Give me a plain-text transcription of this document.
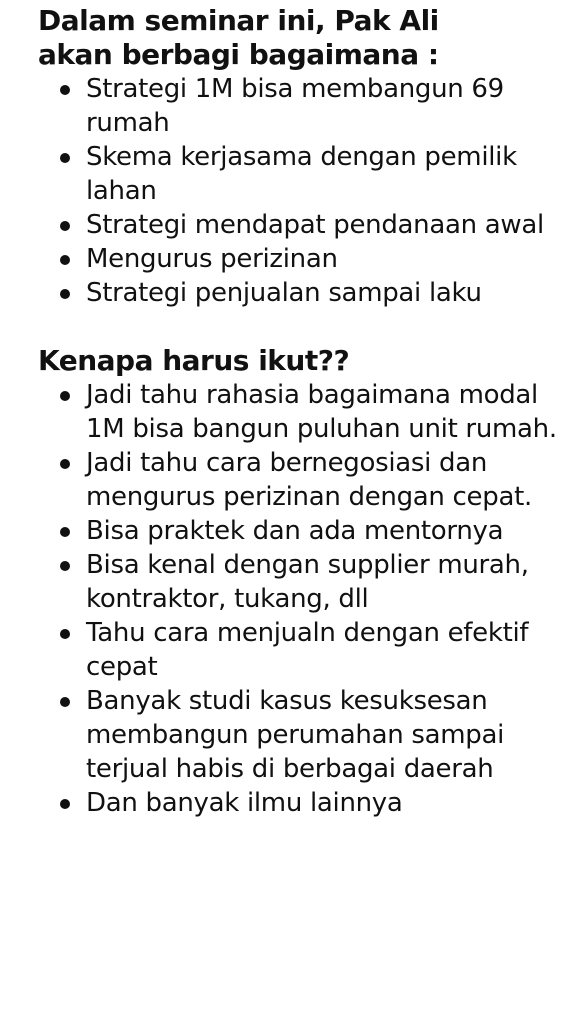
Dalam seminar ini, Pak Ali akan berbagi bagaimana :
Strategi 1M bisa membangun 69 rumah
Skema kerjasama dengan pemilik lahan
Strategi mendapat pendanaan awal
Mengurus perizinan
Strategi penjualan sampai laku
Kenapa harus ikut??
Jadi tahu rahasia bagaimana modal 1M bisa bangun puluhan unit rumah.
Jadi tahu cara bernegosiasi dan mengurus perizinan dengan cepat.
Bisa praktek dan ada mentornya
Bisa kenal dengan supplier murah, kontraktor, tukang, dll
Tahu cara menjualn dengan efektif cepat
Banyak studi kasus kesuksesan membangun perumahan sampai terjual habis di berbagai daerah
Dan banyak ilmu lainnya
